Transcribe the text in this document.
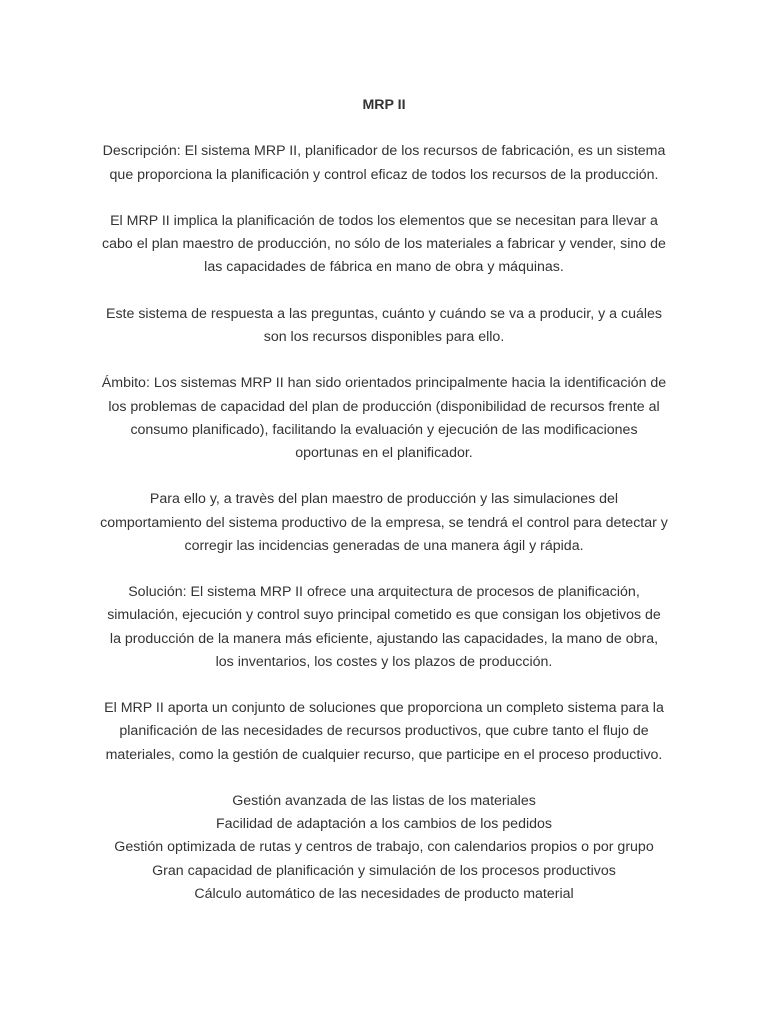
MRP II

Descripción: El sistema MRP II, planificador de los recursos de fabricación, es un sistema que proporciona la planificación y control eficaz de todos los recursos de la producción.

El MRP II implica la planificación de todos los elementos que se necesitan para llevar a cabo el plan maestro de producción, no sólo de los materiales a fabricar y vender, sino de las capacidades de fábrica en mano de obra y máquinas.

Este sistema de respuesta a las preguntas, cuánto y cuándo se va a producir, y a cuáles son los recursos disponibles para ello.

Ámbito: Los sistemas MRP II han sido orientados principalmente hacia la identificación de los problemas de capacidad del plan de producción (disponibilidad de recursos frente al consumo planificado), facilitando la evaluación y ejecución de las modificaciones oportunas en el planificador.

Para ello y, a travès del plan maestro de producción y las simulaciones del comportamiento del sistema productivo de la empresa, se tendrá el control para detectar y corregir las incidencias generadas de una manera ágil y rápida.

Solución: El sistema MRP II ofrece una arquitectura de procesos de planificación, simulación, ejecución y control suyo principal cometido es que consigan los objetivos de la producción de la manera más eficiente, ajustando las capacidades, la mano de obra, los inventarios, los costes y los plazos de producción.

El MRP II aporta un conjunto de soluciones que proporciona un completo sistema para la planificación de las necesidades de recursos productivos, que cubre tanto el flujo de materiales, como la gestión de cualquier recurso, que participe en el proceso productivo.

Gestión avanzada de las listas de los materiales
Facilidad de adaptación a los cambios de los pedidos
Gestión optimizada de rutas y centros de trabajo, con calendarios propios o por grupo
Gran capacidad de planificación y simulación de los procesos productivos
Cálculo automático de las necesidades de producto material
